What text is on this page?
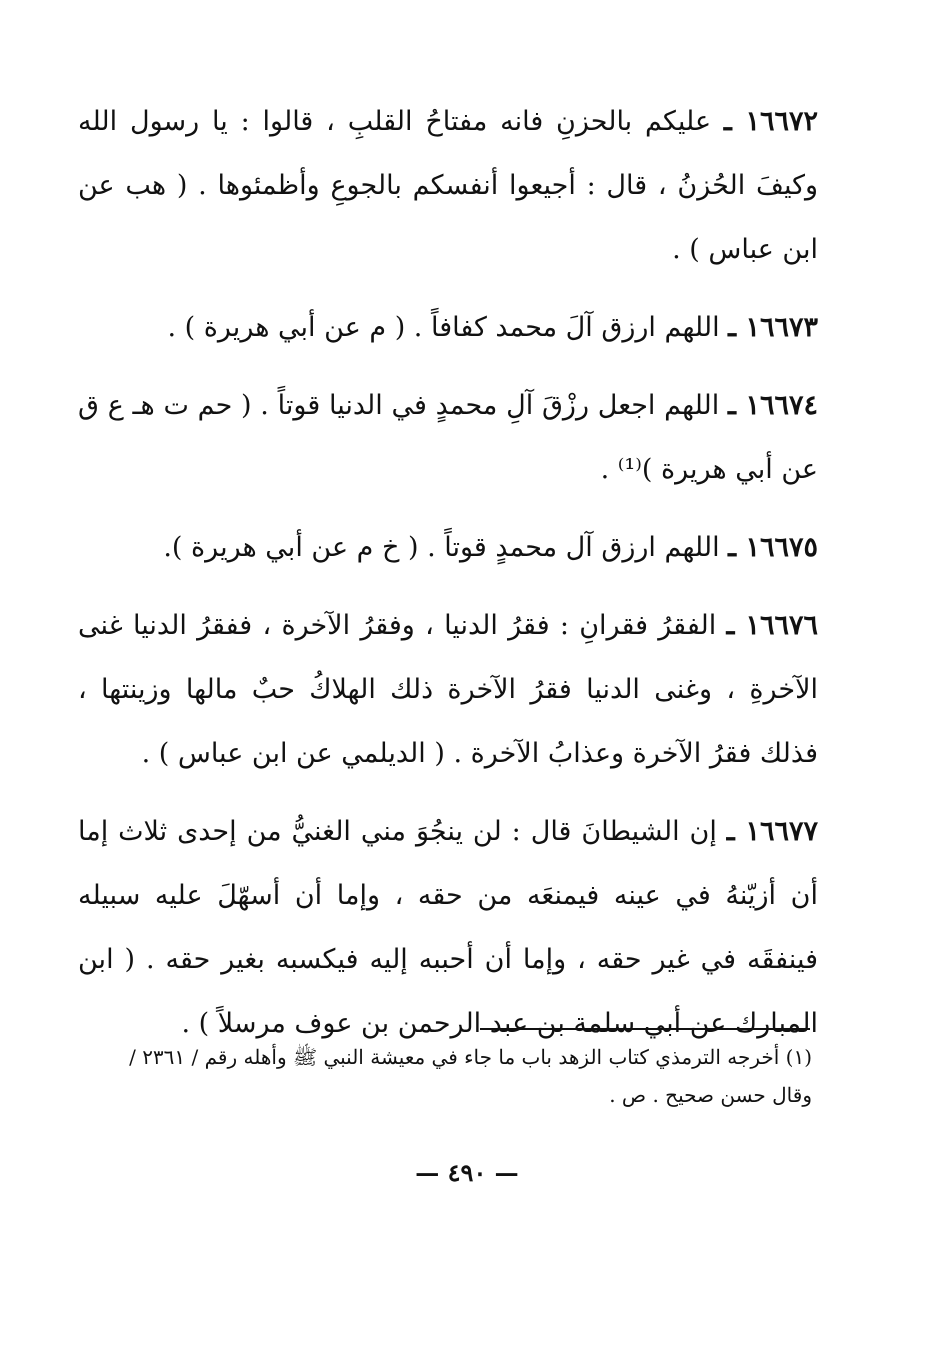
١٦٦٧٢ ـ عليكم بالحزنِ فانه مفتاحُ القلبِ ، قالوا : يا رسول الله وكيفَ الحُزنُ ، قال : أجيعوا أنفسكم بالجوعِ وأظمئوها . ( هب عن ابن عباس ) .

١٦٦٧٣ ـ اللهم ارزق آلَ محمد كفافاً . ( م عن أبي هريرة ) .

١٦٦٧٤ ـ اللهم اجعل رزْقَ آلِ محمدٍ في الدنيا قوتاً . ( حم ت هـ ع ق عن أبي هريرة )⁽¹⁾ .

١٦٦٧٥ ـ اللهم ارزق آل محمدٍ قوتاً . ( خ م عن أبي هريرة ).

١٦٦٧٦ ـ الفقرُ فقرانِ : فقرُ الدنيا ، وفقرُ الآخرة ، ففقرُ الدنيا غنى الآخرةِ ، وغنى الدنيا فقرُ الآخرة ذلك الهلاكُ حبٌ مالها وزينتها ، فذلك فقرُ الآخرة وعذابُ الآخرة . ( الديلمي عن ابن عباس ) .

١٦٦٧٧ ـ إن الشيطانَ قال : لن ينجُوَ مني الغنيُّ من إحدى ثلاث إما أن أزيّنهُ في عينه فيمنعَه من حقه ، وإما أن أسهّلَ عليه سبيله فينفقَه في غير حقه ، وإما أن أحببه إليه فيكسبه بغير حقه . ( ابن المبارك عن أبي سلمة بن عبد الرحمن بن عوف مرسلاً ) .

(١) أخرجه الترمذي كتاب الزهد باب ما جاء في معيشة النبي ﷺ وأهله رقم / ٢٣٦١ / وقال حسن صحيح . ص .
— ٤٩٠ —
